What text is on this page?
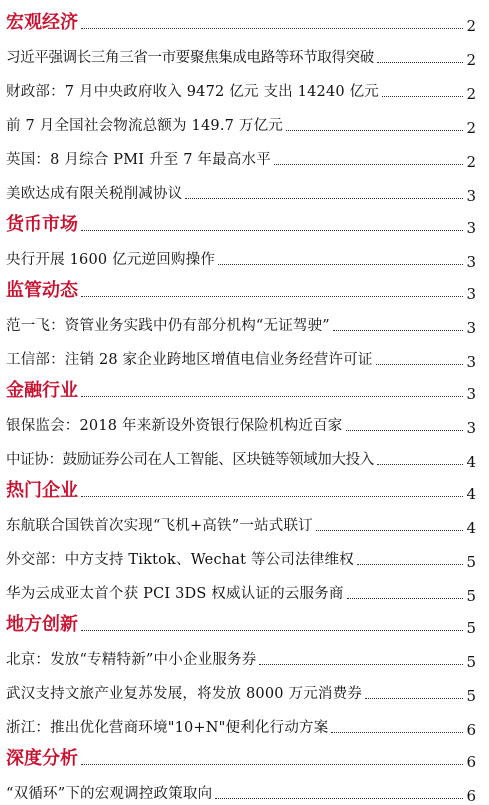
宏观经济	2
习近平强调长三角三省一市要聚焦集成电路等环节取得突破	2
财政部：7 月中央政府收入 9472 亿元 支出 14240 亿元	2
前 7 月全国社会物流总额为 149.7 万亿元	2
英国：8 月综合 PMI 升至 7 年最高水平	2
美欧达成有限关税削减协议	3
货币市场	3
央行开展 1600 亿元逆回购操作	3
监管动态	3
范一飞：资管业务实践中仍有部分机构“无证驾驶”	3
工信部：注销 28 家企业跨地区增值电信业务经营许可证	3
金融行业	3
银保监会：2018 年来新设外资银行保险机构近百家	3
中证协：鼓励证券公司在人工智能、区块链等领域加大投入	4
热门企业	4
东航联合国铁首次实现“飞机+高铁”一站式联订	4
外交部：中方支持 Tiktok、Wechat 等公司法律维权	5
华为云成亚太首个获 PCI 3DS 权威认证的云服务商	5
地方创新	5
北京：发放“专精特新”中小企业服务券	5
武汉支持文旅产业复苏发展，将发放 8000 万元消费券	5
浙江：推出优化营商环境"10+N"便利化行动方案	6
深度分析	6
“双循环”下的宏观调控政策取向	6
